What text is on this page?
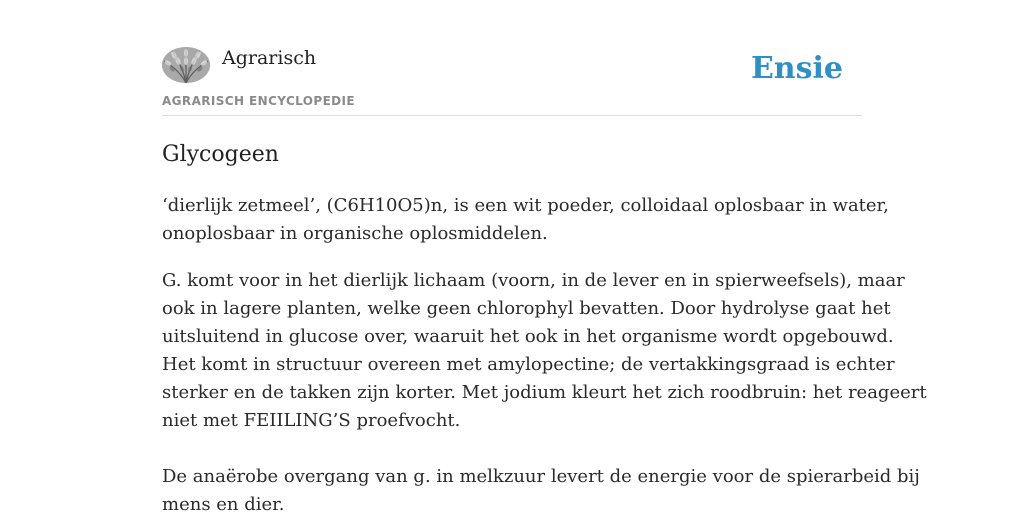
Agrarisch
AGRARISCH ENCYCLOPEDIE
Ensie
Glycogeen

‘dierlijk zetmeel’, (C6H10O5)n, is een wit poeder, colloidaal oplosbaar in water,
onoplosbaar in organische oplosmiddelen.

G. komt voor in het dierlijk lichaam (voorn, in de lever en in spierweefsels), maar
ook in lagere planten, welke geen chlorophyl bevatten. Door hydrolyse gaat het
uitsluitend in glucose over, waaruit het ook in het organisme wordt opgebouwd.
Het komt in structuur overeen met amylopectine; de vertakkingsgraad is echter
sterker en de takken zijn korter. Met jodium kleurt het zich roodbruin: het reageert
niet met FEIILING’S proefvocht.

De anaërobe overgang van g. in melkzuur levert de energie voor de spierarbeid bij
mens en dier.
